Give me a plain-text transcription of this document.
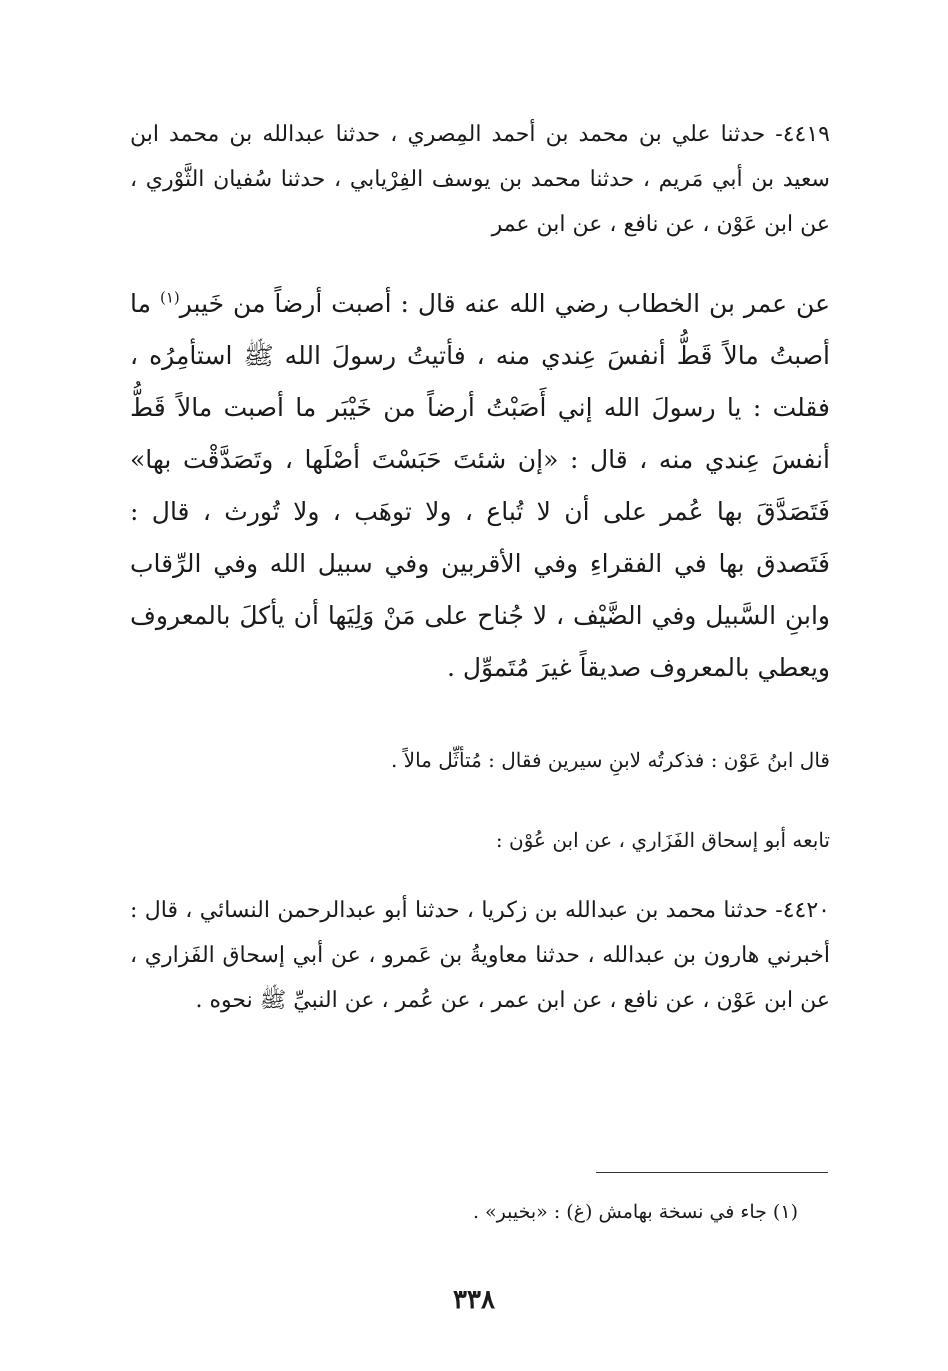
٤٤١٩- حدثنا علي بن محمد بن أحمد المِصري ، حدثنا عبدالله بن محمد ابن سعيد بن أبي مَريم ، حدثنا محمد بن يوسف الفِرْيابي ، حدثنا سُفيان الثَّوْري ، عن ابن عَوْن ، عن نافع ، عن ابن عمر
عن عمر بن الخطاب رضي الله عنه قال : أصبت أرضاً من خَيبر$^{(١)}$ ما أصبتُ مالاً قَطُّ أنفسَ عِندي منه ، فأتيتُ رسولَ الله ﷺ استأمِرُه ، فقلت : يا رسولَ الله إني أَصَبْتُ أرضاً من خَيْبَر ما أصبت مالاً قَطُّ أنفسَ عِندي منه ، قال : «إن شئتَ حَبَسْتَ أصْلَها ، وتَصَدَّقْت بها» فَتَصَدَّقَ بها عُمر على أن لا تُباع ، ولا توهَب ، ولا تُورث ، قال : فَتَصدق بها في الفقراءِ وفي الأقربين وفي سبيل الله وفي الرِّقاب وابنِ السَّبيل وفي الضَّيْف ، لا جُناح على مَنْ وَلِيَها أن يأكلَ بالمعروف ويعطي بالمعروف صديقاً غيرَ مُتَموِّل .
قال ابنُ عَوْن : فذكرتُه لابنِ سيرين فقال : مُتأثِّل مالاً .
تابعه أبو إسحاق الفَزَاري ، عن ابن عُوْن :
٤٤٢٠- حدثنا محمد بن عبدالله بن زكريا ، حدثنا أبو عبدالرحمن النسائي ، قال : أخبرني هارون بن عبدالله ، حدثنا معاويةُ بن عَمرو ، عن أبي إسحاق الفَزاري ، عن ابن عَوْن ، عن نافع ، عن ابن عمر ، عن عُمر ، عن النبيِّ ﷺ نحوه .
(١) جاء في نسخة بهامش (غ) : «بخيبر» .
٣٣٨
